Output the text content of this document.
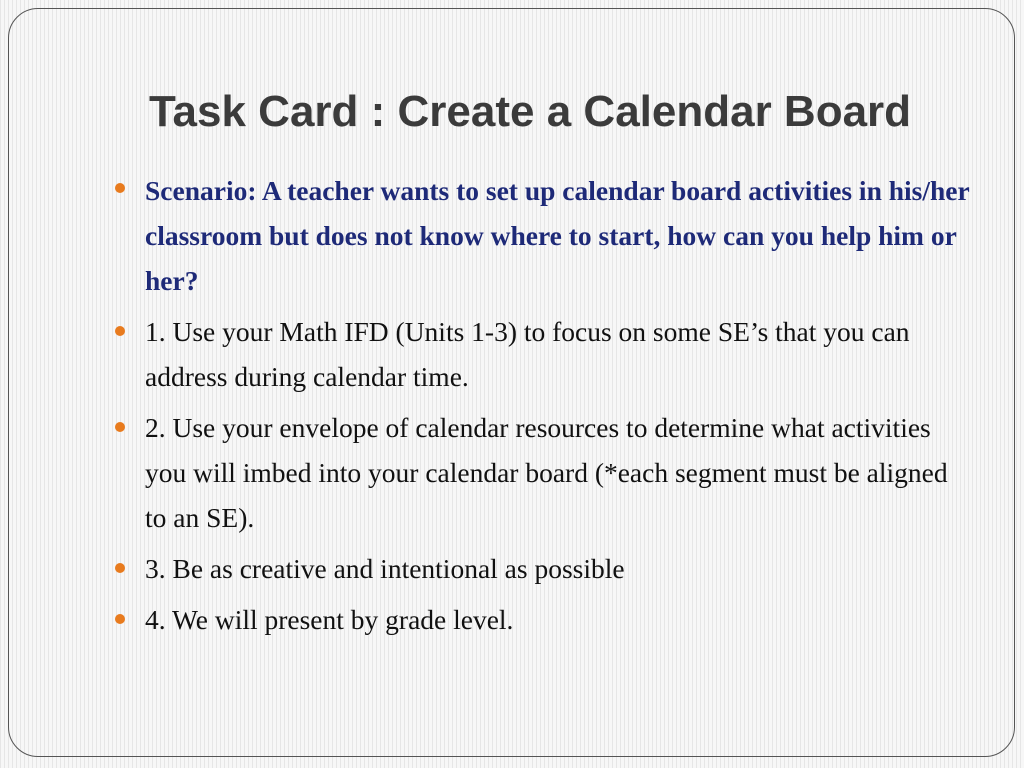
Task Card : Create a Calendar Board
Scenario: A teacher wants to set up calendar board activities in his/her classroom but does not know where to start, how can you help him or her?
1. Use your Math IFD (Units 1-3) to focus on some SE’s that you can address during calendar time.
2. Use your envelope of calendar resources to determine what activities you will imbed into your calendar board (*each segment must be aligned to an SE).
3. Be as creative and intentional as possible
4. We will present by grade level.
